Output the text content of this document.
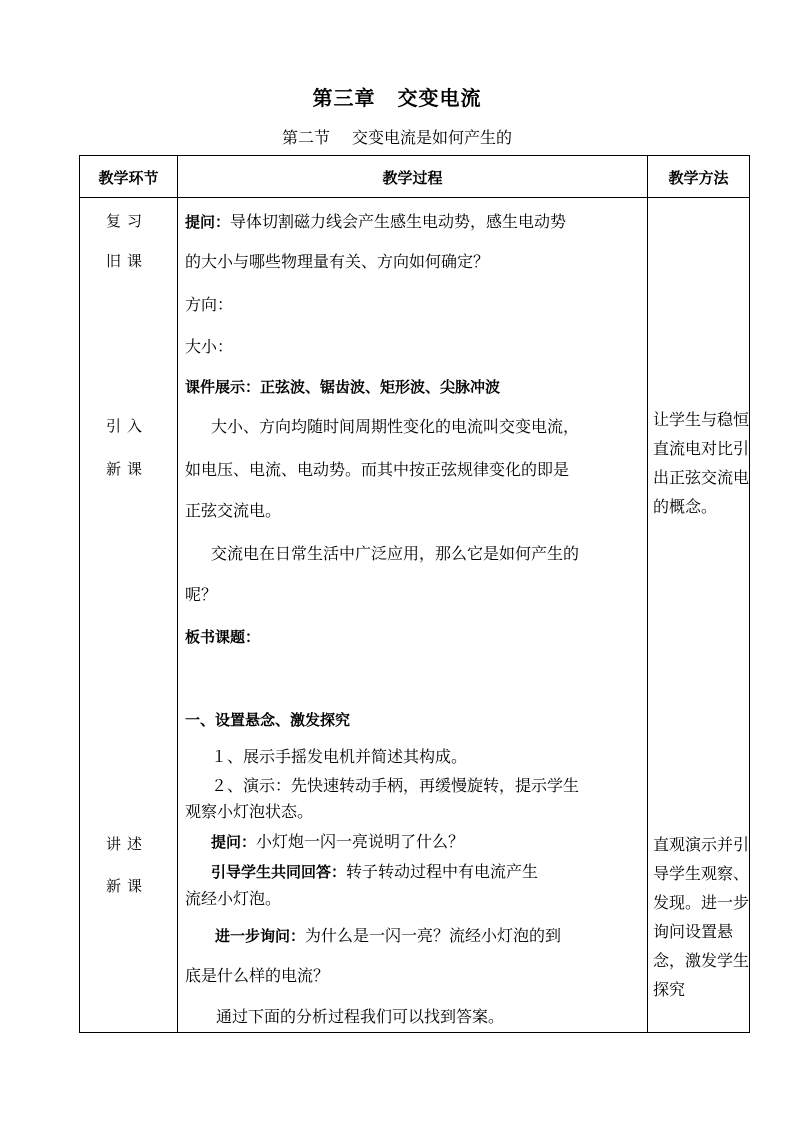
第三章 交变电流
第二节 交变电流是如何产生的
教学环节	教学过程	教学方法
复习
旧课
引入
新课
讲述
新课
提问：导体切割磁力线会产生感生电动势，感生电动势
的大小与哪些物理量有关、方向如何确定？
方向：
大小：
课件展示：正弦波、锯齿波、矩形波、尖脉冲波
大小、方向均随时间周期性变化的电流叫交变电流，
如电压、电流、电动势。而其中按正弦规律变化的即是
正弦交流电。
交流电在日常生活中广泛应用，那么它是如何产生的
呢？
板书课题：
一、设置悬念、激发探究
１、展示手摇发电机并简述其构成。
２、演示：先快速转动手柄，再缓慢旋转，提示学生
观察小灯泡状态。
提问：小灯炮一闪一亮说明了什么？
引导学生共同回答：转子转动过程中有电流产生
流经小灯泡。
进一步询问：为什么是一闪一亮？流经小灯泡的到
底是什么样的电流？
通过下面的分析过程我们可以找到答案。
让学生与稳恒直流电对比引出正弦交流电的概念。
直观演示并引导学生观察、发现。进一步询问设置悬念，激发学生探究
